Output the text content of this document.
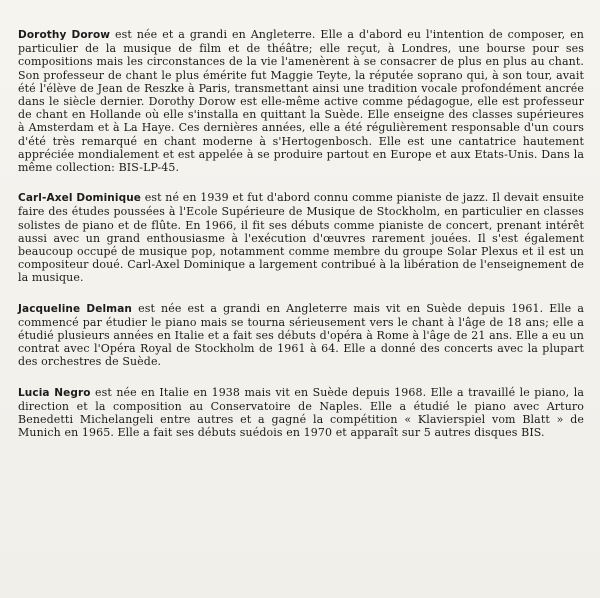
Dorothy Dorow est née et a grandi en Angleterre. Elle a d'abord eu l'intention de composer, en particulier de la musique de film et de théâtre; elle reçut, à Londres, une bourse pour ses compositions mais les circonstances de la vie l'amenèrent à se consacrer de plus en plus au chant. Son professeur de chant le plus émérite fut Maggie Teyte, la réputée soprano qui, à son tour, avait été l'élève de Jean de Reszke à Paris, transmettant ainsi une tradition vocale profondément ancrée dans le siècle dernier. Dorothy Dorow est elle-même active comme pédagogue, elle est professeur de chant en Hollande où elle s'installa en quittant la Suède. Elle enseigne des classes supérieures à Amsterdam et à La Haye. Ces dernières années, elle a été régulièrement responsable d'un cours d'été très remarqué en chant moderne à s'Hertogenbosch. Elle est une cantatrice hautement appréciée mondialement et est appelée à se produire partout en Europe et aux Etats-Unis. Dans la même collection: BIS-LP-45.

Carl-Axel Dominique est né en 1939 et fut d'abord connu comme pianiste de jazz. Il devait ensuite faire des études poussées à l'Ecole Supérieure de Musique de Stockholm, en particulier en classes solistes de piano et de flûte. En 1966, il fit ses débuts comme pianiste de concert, prenant intérêt aussi avec un grand enthousiasme à l'exécution d'œuvres rarement jouées. Il s'est également beaucoup occupé de musique pop, notamment comme membre du groupe Solar Plexus et il est un compositeur doué. Carl-Axel Dominique a largement contribué à la libération de l'enseignement de la musique.

Jacqueline Delman est née est a grandi en Angleterre mais vit en Suède depuis 1961. Elle a commencé par étudier le piano mais se tourna sérieusement vers le chant à l'âge de 18 ans; elle a étudié plusieurs années en Italie et a fait ses débuts d'opéra à Rome à l'âge de 21 ans. Elle a eu un contrat avec l'Opéra Royal de Stockholm de 1961 à 64. Elle a donné des concerts avec la plupart des orchestres de Suède.

Lucia Negro est née en Italie en 1938 mais vit en Suède depuis 1968. Elle a travaillé le piano, la direction et la composition au Conservatoire de Naples. Elle a étudié le piano avec Arturo Benedetti Michelangeli entre autres et a gagné la compétition « Klavierspiel vom Blatt » de Munich en 1965. Elle a fait ses débuts suédois en 1970 et apparaît sur 5 autres disques BIS.
